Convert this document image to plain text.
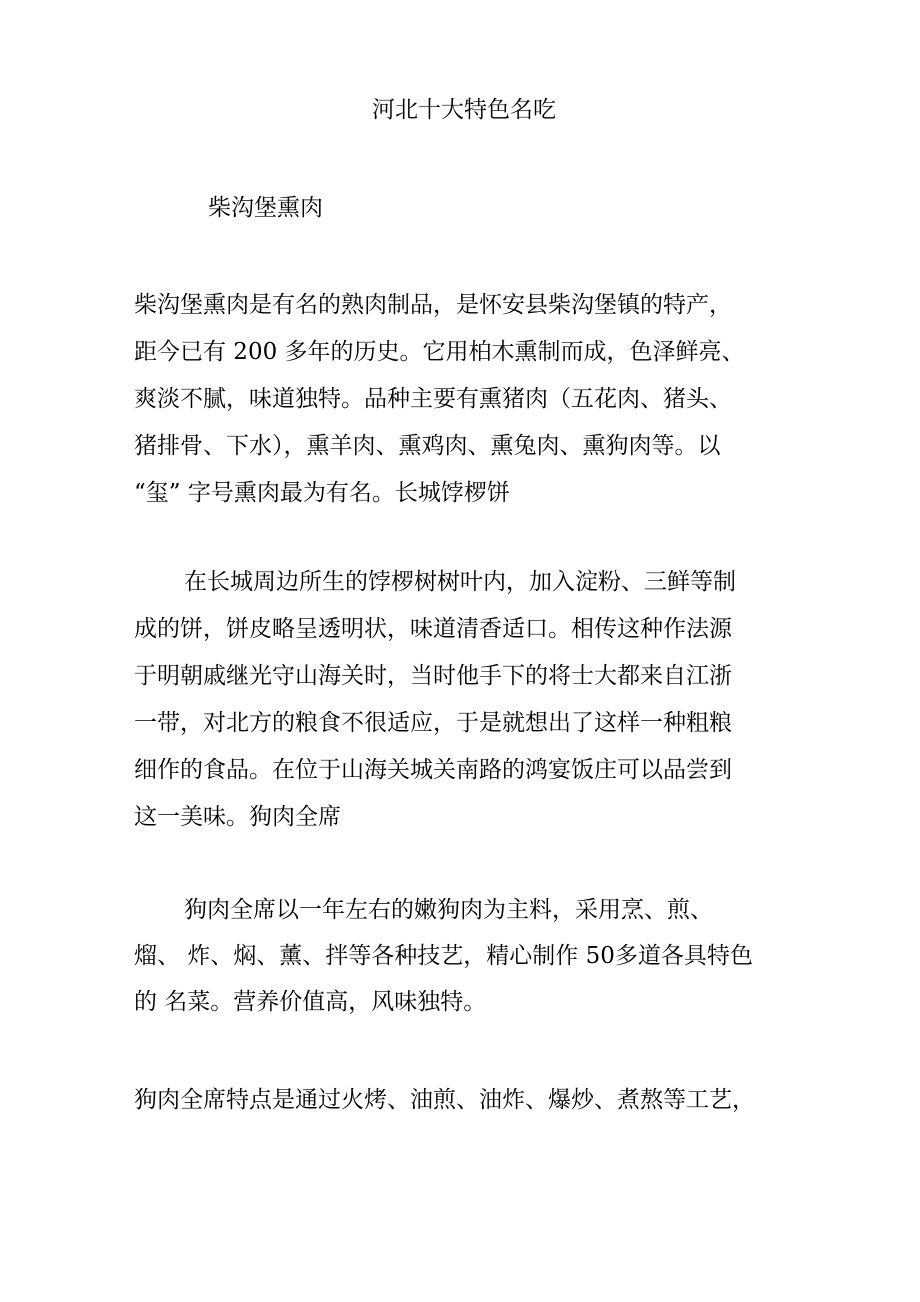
河北十大特色名吃
柴沟堡熏肉
柴沟堡熏肉是有名的熟肉制品，是怀安县柴沟堡镇的特产，
距今已有 200 多年的历史。它用柏木熏制而成，色泽鲜亮、
爽淡不腻，味道独特。品种主要有熏猪肉（五花肉、猪头、
猪排骨、下水），熏羊肉、熏鸡肉、熏兔肉、熏狗肉等。以
“玺” 字号熏肉最为有名。长城饽椤饼
在长城周边所生的饽椤树树叶内，加入淀粉、三鲜等制
成的饼，饼皮略呈透明状，味道清香适口。相传这种作法源
于明朝戚继光守山海关时，当时他手下的将士大都来自江浙
一带，对北方的粮食不很适应，于是就想出了这样一种粗粮
细作的食品。在位于山海关城关南路的鸿宴饭庄可以品尝到
这一美味。狗肉全席
狗肉全席以一年左右的嫩狗肉为主料，采用烹、煎、
熘、 炸、焖、薰、拌等各种技艺，精心制作 50多道各具特色
的 名菜。营养价值高，风味独特。
狗肉全席特点是通过火烤、油煎、油炸、爆炒、煮熬等工艺，
